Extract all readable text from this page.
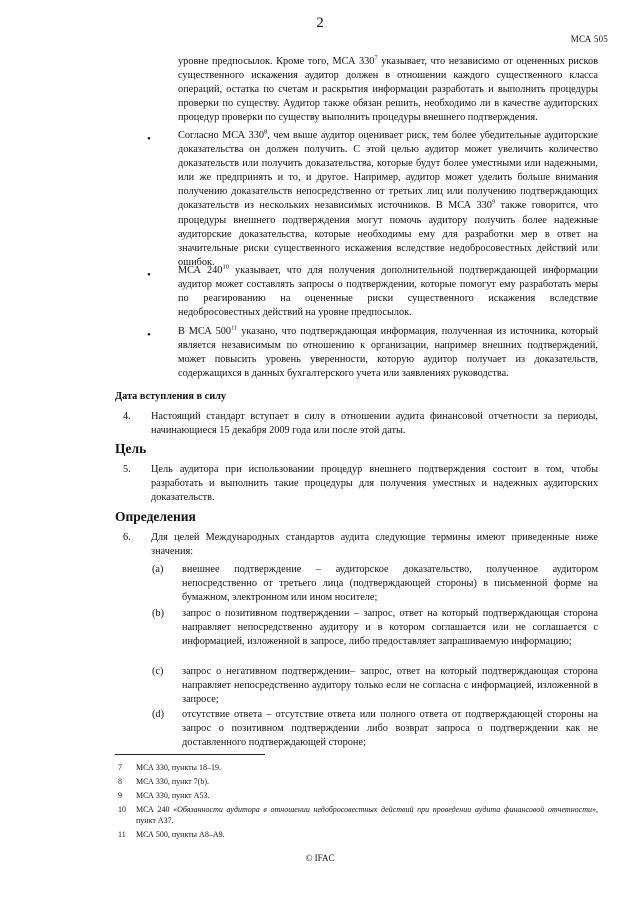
2
МСА 505

уровне предпосылок. Кроме того, МСА $330^7$ указывает, что независимо от оцененных рисков существенного искажения аудитор должен в отношении каждого существенного класса операций, остатка по счетам и раскрытия информации разработать и выполнить процедуры проверки по существу. Аудитор также обязан решить, необходимо ли в качестве аудиторских процедур проверки по существу выполнить процедуры внешнего подтверждения.

•	Согласно МСА $330^8$, чем выше аудитор оценивает риск, тем более убедительные аудиторские доказательства он должен получить. С этой целью аудитор может увеличить количество доказательств или получить доказательства, которые будут более уместными или надежными, или же предпринять и то, и другое. Например, аудитор может уделить больше внимания получению доказательств непосредственно от третьих лиц или получению подтверждающих доказательств из нескольких независимых источников. В МСА $330^9$ также говорится, что процедуры внешнего подтверждения могут помочь аудитору получить более надежные аудиторские доказательства, которые необходимы ему для разработки мер в ответ на значительные риски существенного искажения вследствие недобросовестных действий или ошибок.

•	МСА $240^{10}$ указывает, что для получения дополнительной подтверждающей информации аудитор может составлять запросы о подтверждении, которые помогут ему разработать меры по реагированию на оцененные риски существенного искажения вследствие недобросовестных действий на уровне предпосылок.

•	В МСА $500^{11}$ указано, что подтверждающая информация, полученная из источника, который является независимым по отношению к организации, например внешних подтверждений, может повысить уровень уверенности, которую аудитор получает из доказательств, содержащихся в данных бухгалтерского учета или заявлениях руководства.

Дата вступления в силу
4. Настоящий стандарт вступает в силу в отношении аудита финансовой отчетности за периоды, начинающиеся 15 декабря 2009 года или после этой даты.

Цель
5. Цель аудитора при использовании процедур внешнего подтверждения состоит в том, чтобы разработать и выполнить такие процедуры для получения уместных и надежных аудиторских доказательств.

Определения
6. Для целей Международных стандартов аудита следующие термины имеют приведенные ниже значения:

(a) внешнее подтверждение – аудиторское доказательство, полученное аудитором непосредственно от третьего лица (подтверждающей стороны) в письменной форме на бумажном, электронном или ином носителе;

(b) запрос о позитивном подтверждении – запрос, ответ на который подтверждающая сторона направляет непосредственно аудитору и в котором соглашается или не соглашается с информацией, изложенной в запросе, либо предоставляет запрашиваемую информацию;

(c) запрос о негативном подтверждении– запрос, ответ на который подтверждающая сторона направляет непосредственно аудитору только если не согласна с информацией, изложенной в запросе;

(d) отсутствие ответа – отсутствие ответа или полного ответа от подтверждающей стороны на запрос о позитивном подтверждении либо возврат запроса о подтверждении как не доставленного подтверждающей стороне;

7 МСА 330, пункты 18–19.
8 МСА 330, пункт 7(b).
9 МСА 330, пункт А53.
10 МСА 240 «Обязанности аудитора в отношении недобросовестных действий при проведении аудита финансовой отчетности», пункт А37.
11 МСА 500, пункты А8–А9.
© IFAC
